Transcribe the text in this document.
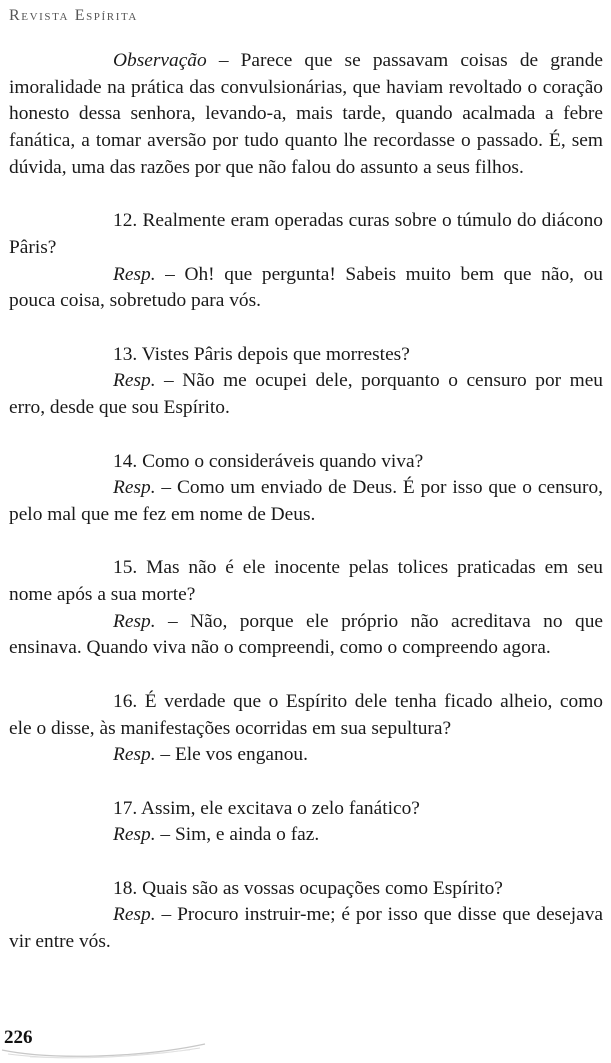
Revista Espírita

Observação – Parece que se passavam coisas de grande imoralidade na prática das convulsionárias, que haviam revoltado o coração honesto dessa senhora, levando-a, mais tarde, quando acalmada a febre fanática, a tomar aversão por tudo quanto lhe recordasse o passado. É, sem dúvida, uma das razões por que não falou do assunto a seus filhos.

12. Realmente eram operadas curas sobre o túmulo do diácono Pâris?

Resp. – Oh! que pergunta! Sabeis muito bem que não, ou pouca coisa, sobretudo para vós.

13. Vistes Pâris depois que morrestes?

Resp. – Não me ocupei dele, porquanto o censuro por meu erro, desde que sou Espírito.

14. Como o consideráveis quando viva?

Resp. – Como um enviado de Deus. É por isso que o censuro, pelo mal que me fez em nome de Deus.

15. Mas não é ele inocente pelas tolices praticadas em seu nome após a sua morte?

Resp. – Não, porque ele próprio não acreditava no que ensinava. Quando viva não o compreendi, como o compreendo agora.

16. É verdade que o Espírito dele tenha ficado alheio, como ele o disse, às manifestações ocorridas em sua sepultura?

Resp. – Ele vos enganou.

17. Assim, ele excitava o zelo fanático?

Resp. – Sim, e ainda o faz.

18. Quais são as vossas ocupações como Espírito?

Resp. – Procuro instruir-me; é por isso que disse que desejava vir entre vós.

226
